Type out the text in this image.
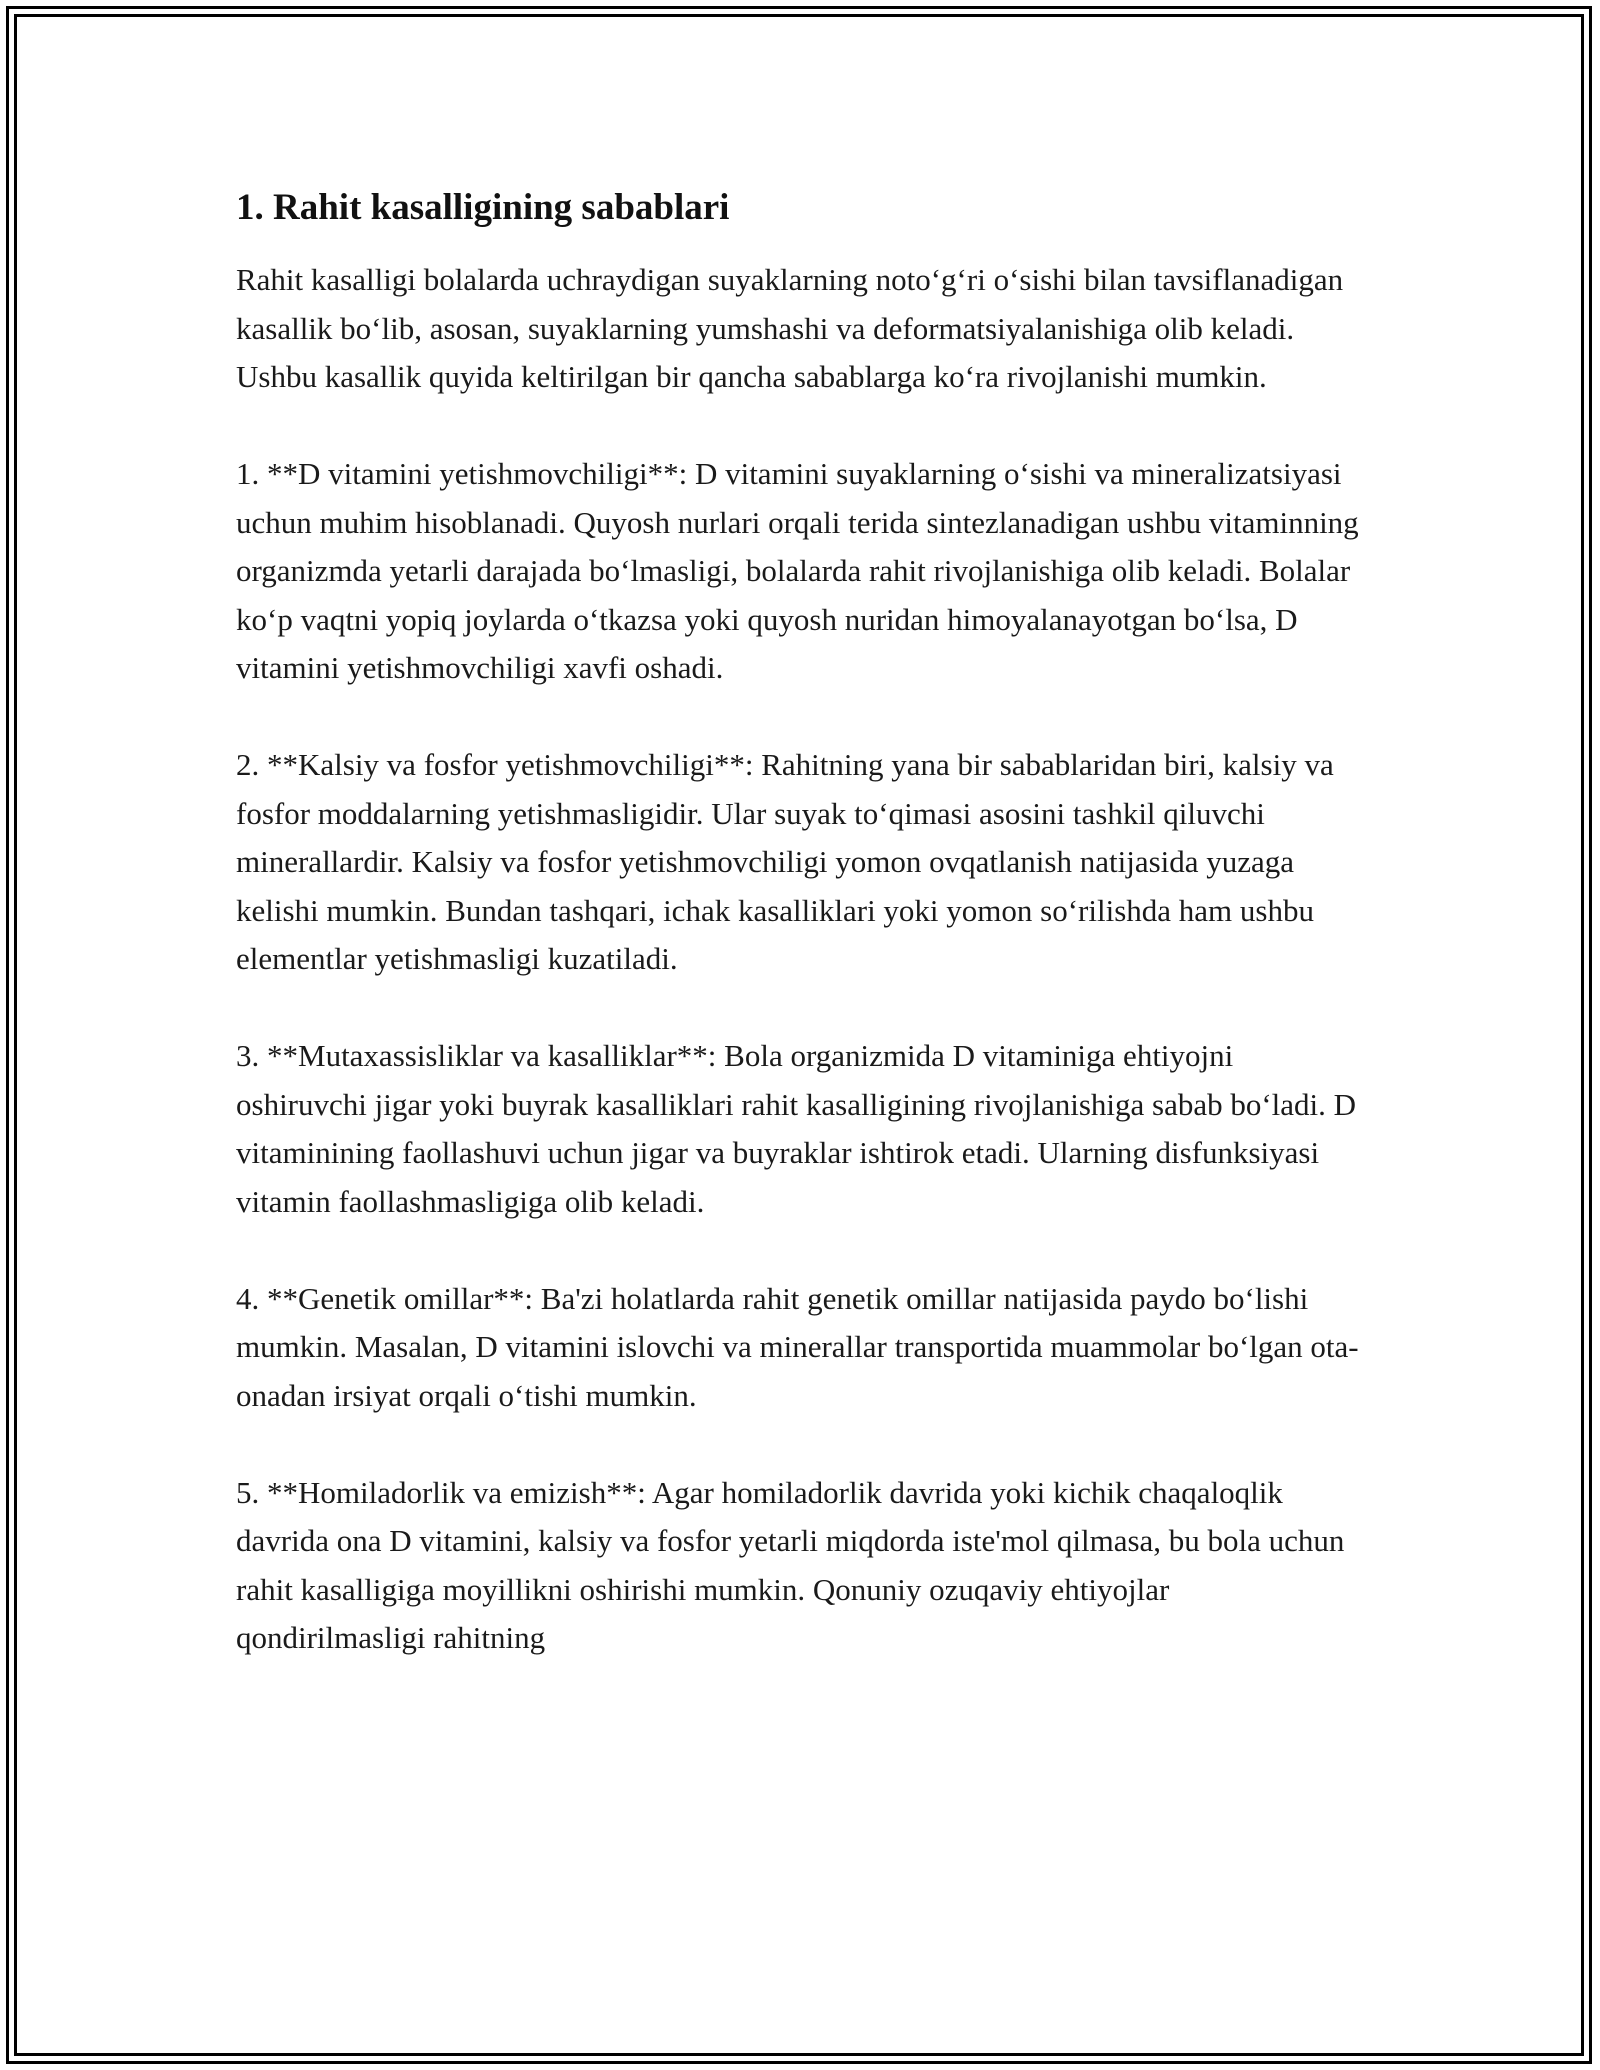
1. Rahit kasalligining sabablari

Rahit kasalligi bolalarda uchraydigan suyaklarning noto‘g‘ri o‘sishi bilan tavsiflanadigan kasallik bo‘lib, asosan, suyaklarning yumshashi va deformatsiyalanishiga olib keladi. Ushbu kasallik quyida keltirilgan bir qancha sabablarga ko‘ra rivojlanishi mumkin.

1. **D vitamini yetishmovchiligi**: D vitamini suyaklarning o‘sishi va mineralizatsiyasi uchun muhim hisoblanadi. Quyosh nurlari orqali terida sintezlanadigan ushbu vitaminning organizmda yetarli darajada bo‘lmasligi, bolalarda rahit rivojlanishiga olib keladi. Bolalar ko‘p vaqtni yopiq joylarda o‘tkazsa yoki quyosh nuridan himoyalanayotgan bo‘lsa, D vitamini yetishmovchiligi xavfi oshadi.

2. **Kalsiy va fosfor yetishmovchiligi**: Rahitning yana bir sabablaridan biri, kalsiy va fosfor moddalarning yetishmasligidir. Ular suyak to‘qimasi asosini tashkil qiluvchi minerallardir. Kalsiy va fosfor yetishmovchiligi yomon ovqatlanish natijasida yuzaga kelishi mumkin. Bundan tashqari, ichak kasalliklari yoki yomon so‘rilishda ham ushbu elementlar yetishmasligi kuzatiladi.

3. **Mutaxassisliklar va kasalliklar**: Bola organizmida D vitaminiga ehtiyojni oshiruvchi jigar yoki buyrak kasalliklari rahit kasalligining rivojlanishiga sabab bo‘ladi. D vitaminining faollashuvi uchun jigar va buyraklar ishtirok etadi. Ularning disfunksiyasi vitamin faollashmasligiga olib keladi.

4. **Genetik omillar**: Ba'zi holatlarda rahit genetik omillar natijasida paydo bo‘lishi mumkin. Masalan, D vitamini islovchi va minerallar transportida muammolar bo‘lgan ota-onadan irsiyat orqali o‘tishi mumkin.

5. **Homiladorlik va emizish**: Agar homiladorlik davrida yoki kichik chaqaloqlik davrida ona D vitamini, kalsiy va fosfor yetarli miqdorda iste'mol qilmasa, bu bola uchun rahit kasalligiga moyillikni oshirishi mumkin. Qonuniy ozuqaviy ehtiyojlar qondirilmasligi rahitning
